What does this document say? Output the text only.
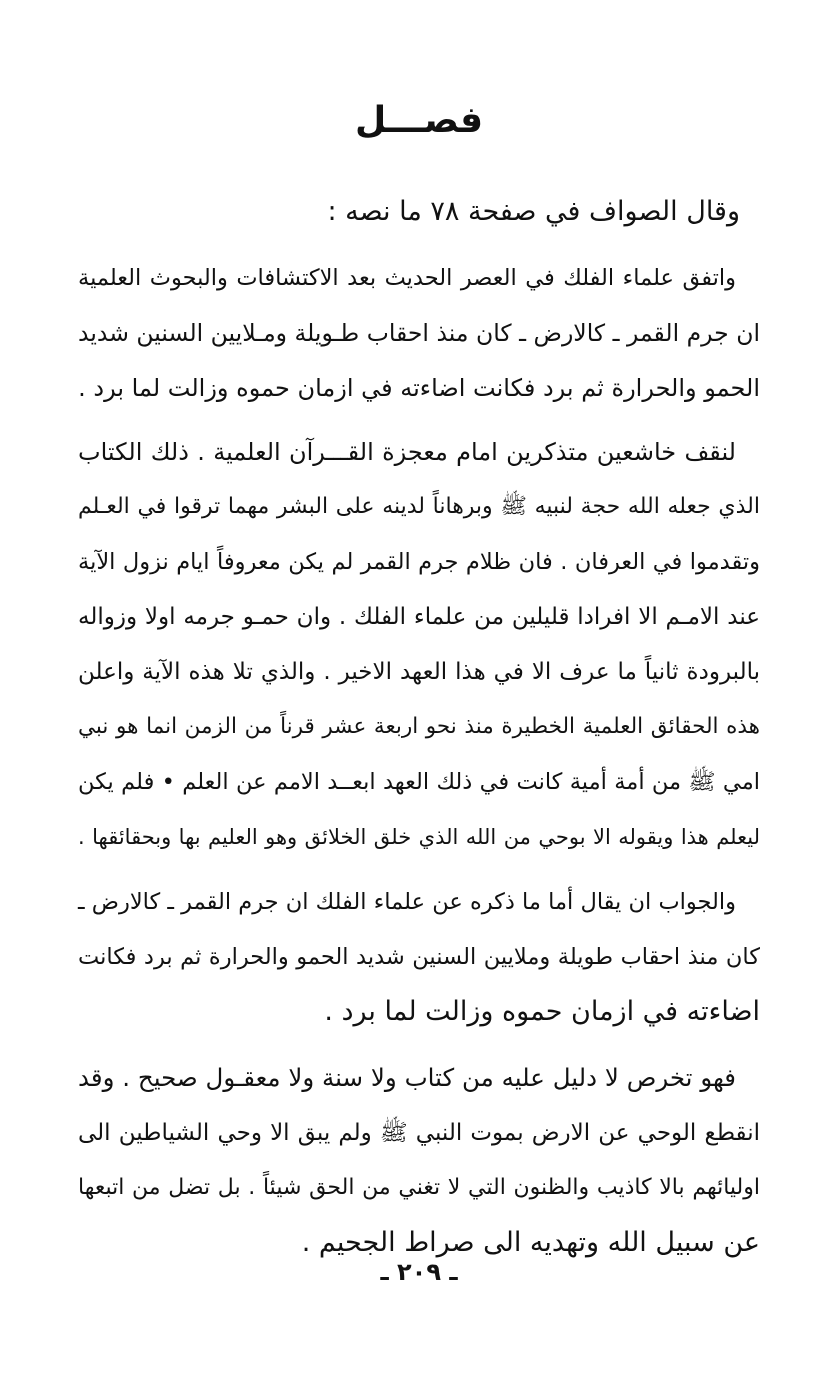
فصـــل
وقال الصواف في صفحة ٧٨ ما نصه :
واتفق علماء الفلك في العصر الحديث بعد الاكتشافات والبحوث العلمية
ان جرم القمر ـ كالارض ـ كان منذ احقاب طـويلة ومـلايين السنين شديد
الحمو والحرارة ثم برد فكانت اضاءته في ازمان حموه وزالت لما برد .
لنقف خاشعين متذكرين امام معجزة القـــرآن العلمية . ذلك الكتاب
الذي جعله الله حجة لنبيه ﷺ وبرهاناً لدينه على البشر مهما ترقوا في العـلم
وتقدموا في العرفان . فان ظلام جرم القمر لم يكن معروفاً ايام نزول الآية
عند الامـم الا افرادا قليلين من علماء الفلك . وان حمـو جرمه اولا وزواله
بالبرودة ثانياً ما عرف الا في هذا العهد الاخير . والذي تلا هذه الآية واعلن
هذه الحقائق العلمية الخطيرة منذ نحو اربعة عشر قرناً من الزمن انما هو نبي
امي ﷺ من أمة أمية كانت في ذلك العهد ابعــد الامم عن العلم • فلم يكن
ليعلم هذا ويقوله الا بوحي من الله الذي خلق الخلائق وهو العليم بها وبحقائقها .
والجواب ان يقال أما ما ذكره عن علماء الفلك ان جرم القمر ـ كالارض ـ
كان منذ احقاب طويلة وملايين السنين شديد الحمو والحرارة ثم برد فكانت
اضاءته في ازمان حموه وزالت لما برد .
فهو تخرص لا دليل عليه من كتاب ولا سنة ولا معقـول صحيح . وقد
انقطع الوحي عن الارض بموت النبي ﷺ ولم يبق الا وحي الشياطين الى
اوليائهم بالا كاذيب والظنون التي لا تغني من الحق شيئاً . بل تضل من اتبعها
عن سبيل الله وتهديه الى صراط الجحيم .
ـ ٢٠٩ ـ
